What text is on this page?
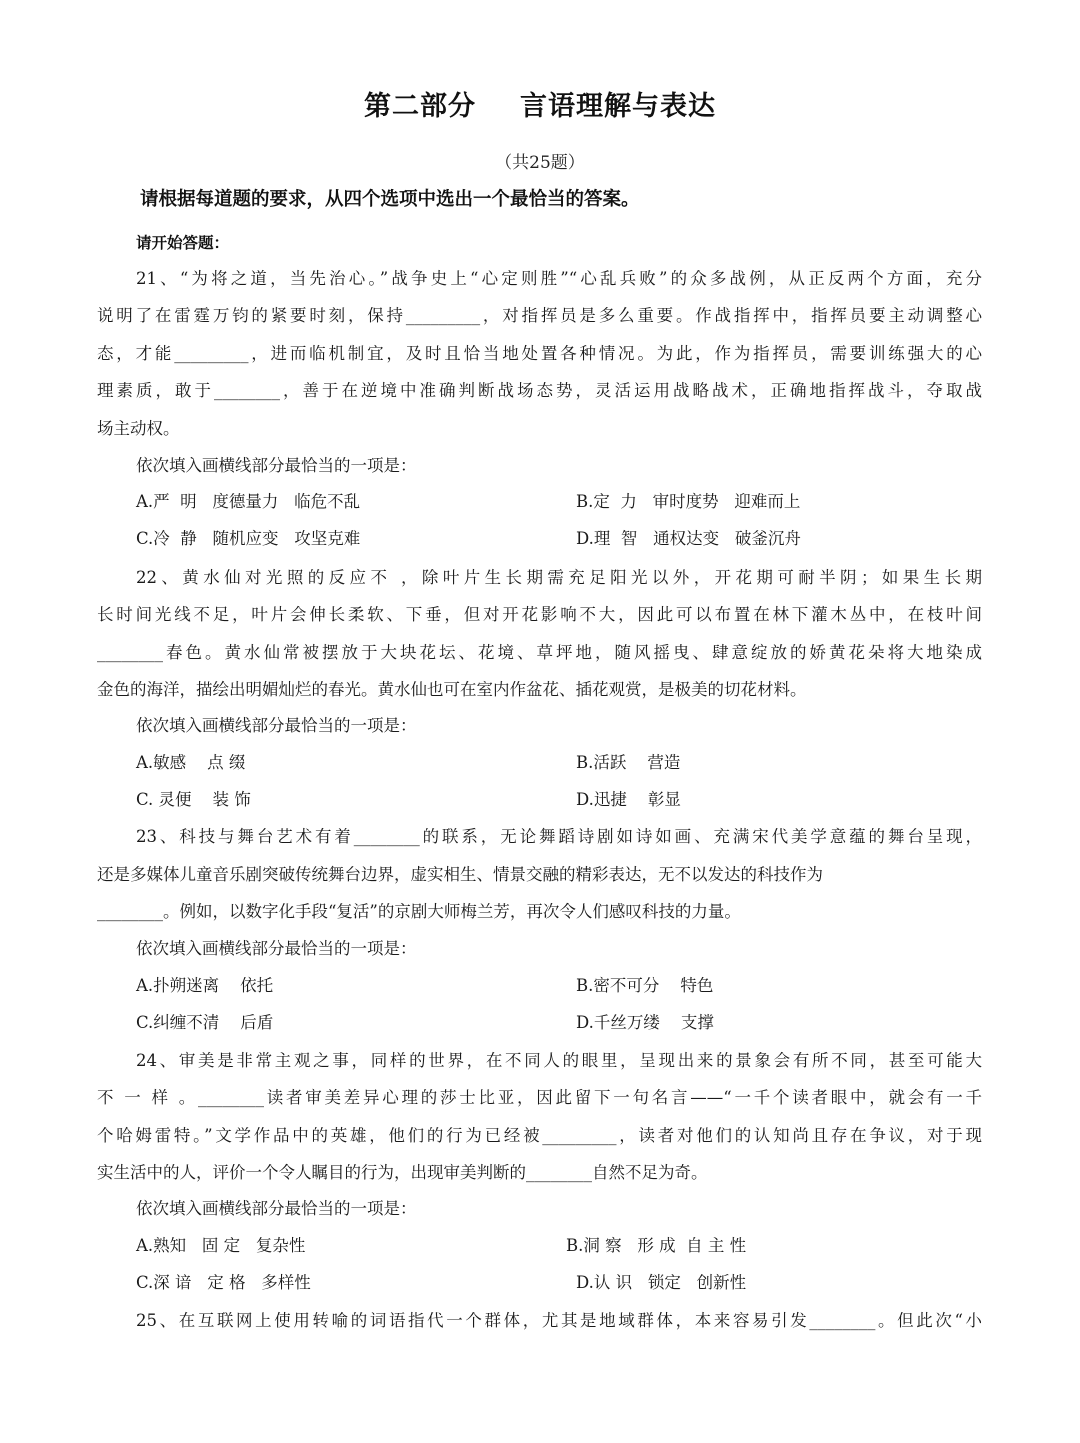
第二部分 言语理解与表达
（共25题）
请根据每道题的要求，从四个选项中选出一个最恰当的答案。
请开始答题：
21、“为将之道，当先治心。”战争史上“心定则胜”“心乱兵败”的众多战例，从正反两个方面，充分
说明了在雷霆万钧的紧要时刻，保持_________，对指挥员是多么重要。作战指挥中，指挥员要主动调整心
态，才能_________，进而临机制宜，及时且恰当地处置各种情况。为此，作为指挥员，需要训练强大的心
理素质，敢于________，善于在逆境中准确判断战场态势，灵活运用战略战术，正确地指挥战斗，夺取战
场主动权。
依次填入画横线部分最恰当的一项是：
A.严  明   度德量力   临危不乱	B.定  力   审时度势   迎难而上
C.冷  静   随机应变   攻坚克难	D.理  智   通权达变   破釜沉舟
22、黄水仙对光照的反应不 ，除叶片生长期需充足阳光以外，开花期可耐半阴；如果生长期
长时间光线不足，叶片会伸长柔软、下垂，但对开花影响不大，因此可以布置在林下灌木丛中，在枝叶间
________春色。黄水仙常被摆放于大块花坛、花境、草坪地，随风摇曳、肆意绽放的娇黄花朵将大地染成
金色的海洋，描绘出明媚灿烂的春光。黄水仙也可在室内作盆花、插花观赏，是极美的切花材料。
依次填入画横线部分最恰当的一项是：
A.敏感    点 缀	B.活跃    营造
C. 灵便    装 饰	D.迅捷    彰显
23、科技与舞台艺术有着________的联系，无论舞蹈诗剧如诗如画、充满宋代美学意蕴的舞台呈现，
还是多媒体儿童音乐剧突破传统舞台边界，虚实相生、情景交融的精彩表达，无不以发达的科技作为
________。例如，以数字化手段“复活”的京剧大师梅兰芳，再次令人们感叹科技的力量。
依次填入画横线部分最恰当的一项是：
A.扑朔迷离    依托	B.密不可分    特色
C.纠缠不清    后盾	D.千丝万缕    支撑
24、审美是非常主观之事，同样的世界，在不同人的眼里，呈现出来的景象会有所不同，甚至可能大
不 一 样 。________读者审美差异心理的莎士比亚，因此留下一句名言——“一千个读者眼中，就会有一千
个哈姆雷特。”文学作品中的英雄，他们的行为已经被_________，读者对他们的认知尚且存在争议，对于现
实生活中的人，评价一个令人瞩目的行为，出现审美判断的________自然不足为奇。
依次填入画横线部分最恰当的一项是：
A.熟知   固 定   复杂性	B.洞 察   形 成  自 主 性
C.深 谙   定 格   多样性	D.认 识   锁定   创新性
25、在互联网上使用转喻的词语指代一个群体，尤其是地域群体，本来容易引发________。但此次“小
